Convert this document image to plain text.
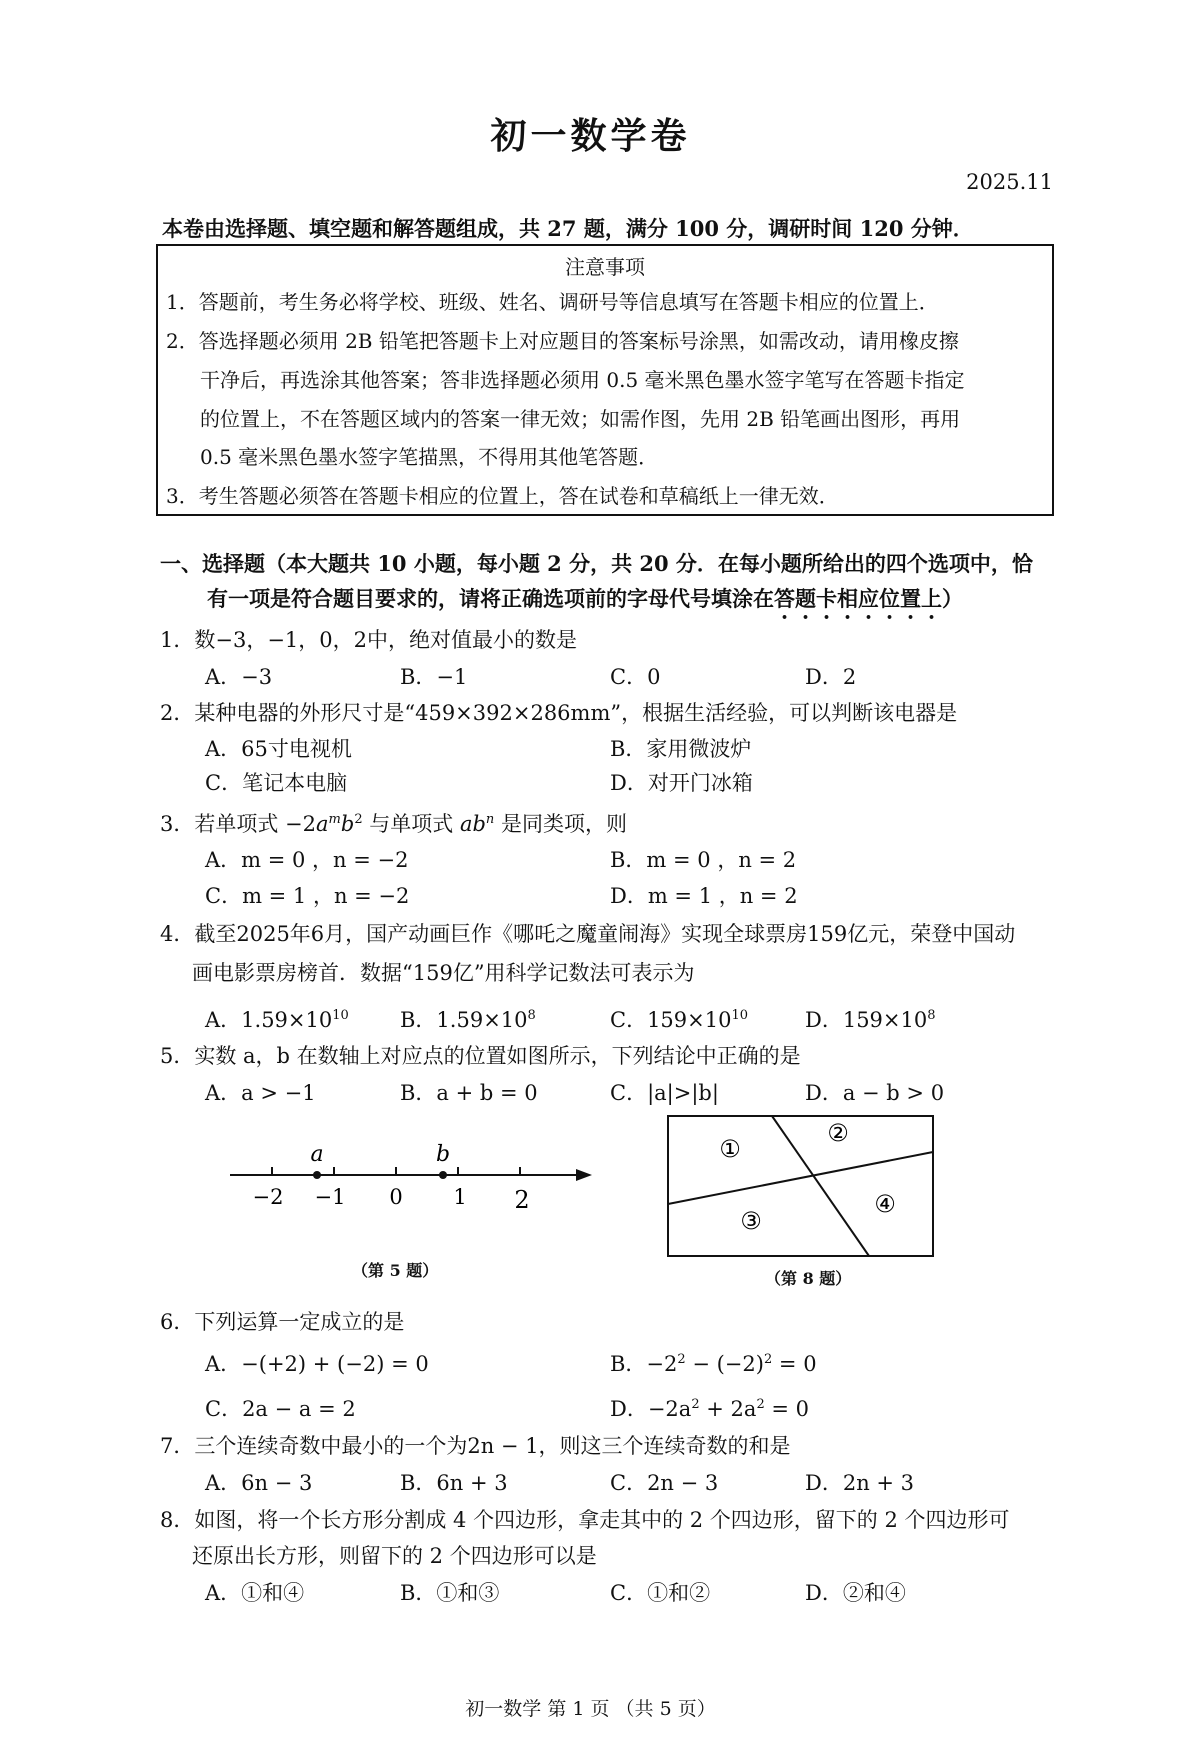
初一数学卷
2025.11
本卷由选择题、填空题和解答题组成，共 27 题，满分 100 分，调研时间 120 分钟．
注意事项
1．答题前，考生务必将学校、班级、姓名、调研号等信息填写在答题卡相应的位置上．
2．答选择题必须用 2B 铅笔把答题卡上对应题目的答案标号涂黑，如需改动，请用橡皮擦
干净后，再选涂其他答案；答非选择题必须用 0.5 毫米黑色墨水签字笔写在答题卡指定
的位置上，不在答题区域内的答案一律无效；如需作图，先用 2B 铅笔画出图形，再用
0.5 毫米黑色墨水签字笔描黑，不得用其他笔答题．
3．考生答题必须答在答题卡相应的位置上，答在试卷和草稿纸上一律无效．
一、选择题（本大题共 10 小题，每小题 2 分，共 20 分．在每小题所给出的四个选项中，恰
有一项是符合题目要求的，请将正确选项前的字母代号填涂在答题卡相应位置上）
1．数−3，−1，0，2中，绝对值最小的数是
A．−3	B．−1	C．0	D．2
2．某种电器的外形尺寸是“459×392×286mm”，根据生活经验，可以判断该电器是
A．65寸电视机	B．家用微波炉
C．笔记本电脑	D．对开门冰箱
3．若单项式 $-2a^mb^2$ 与单项式 $ab^n$ 是同类项，则
A．m = 0 ，n = −2	B．m = 0 ，n = 2
C．m = 1 ，n = −2	D．m = 1 ，n = 2
4．截至2025年6月，国产动画巨作《哪吒之魔童闹海》实现全球票房159亿元，荣登中国动
画电影票房榜首．数据“159亿”用科学记数法可表示为
A．$1.59\times 10^{10}$ B．$1.59\times 10^8$	C．$159\times 10^{10}$	D．$159\times 10^8$
5．实数 a，b 在数轴上对应点的位置如图所示，下列结论中正确的是
A．a > −1	B．a + b = 0	C．|a|>|b|	D．a − b > 0
−2 −1 0 1 2
a	b
（第 5 题）
①
②
③
④
（第 8 题）
6．下列运算一定成立的是
A．−(+2) + (−2) = 0	B．$-2^2 - (-2)^2 = 0$
C．2a − a = 2	D．$-2a^2 + 2a^2 = 0$
7．三个连续奇数中最小的一个为2n − 1，则这三个连续奇数的和是
A．6n − 3	B．6n + 3	C．2n − 3	D．2n + 3
8．如图，将一个长方形分割成 4 个四边形，拿走其中的 2 个四边形，留下的 2 个四边形可
还原出长方形，则留下的 2 个四边形可以是
A．①和④	B．①和③	C．①和②	D．②和④
初一数学 第 1 页 （共 5 页）
